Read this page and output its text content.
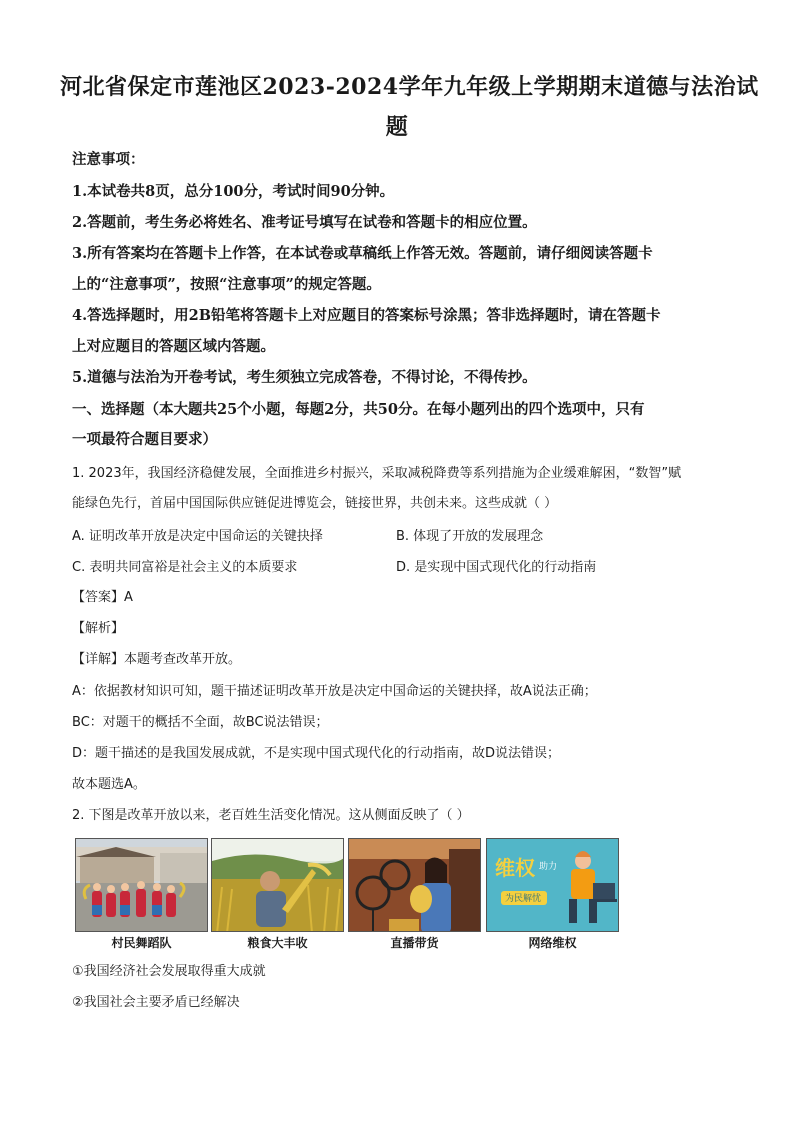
河北省保定市莲池区2023-2024学年九年级上学期期末道德与法治试
题
注意事项：
1.本试卷共8页，总分100分，考试时间90分钟。
2.答题前，考生务必将姓名、准考证号填写在试卷和答题卡的相应位置。
3.所有答案均在答题卡上作答，在本试卷或草稿纸上作答无效。答题前，请仔细阅读答题卡
上的“注意事项”，按照“注意事项”的规定答题。
4.答选择题时，用2B铅笔将答题卡上对应题目的答案标号涂黑；答非选择题时，请在答题卡
上对应题目的答题区域内答题。
5.道德与法治为开卷考试，考生须独立完成答卷，不得讨论，不得传抄。
一、选择题（本大题共25个小题，每题2分，共50分。在每小题列出的四个选项中，只有
一项最符合题目要求）
1. 2023年，我国经济稳健发展，全面推进乡村振兴，采取减税降费等系列措施为企业缓难解困，“数智”赋
能绿色先行，首届中国国际供应链促进博览会，链接世界，共创未来。这些成就（ ）
A. 证明改革开放是决定中国命运的关键抉择	B. 体现了开放的发展理念
C. 表明共同富裕是社会主义的本质要求	D. 是实现中国式现代化的行动指南
【答案】A
【解析】
【详解】本题考查改革开放。
A：依据教材知识可知，题干描述证明改革开放是决定中国命运的关键抉择，故A说法正确；
BC：对题干的概括不全面，故BC说法错误；
D：题干描述的是我国发展成就，不是实现中国式现代化的行动指南，故D说法错误；
故本题选A。
2. 下图是改革开放以来，老百姓生活变化情况。这从侧面反映了（ ）
维权 助力
为民解忧
村民舞蹈队	粮食大丰收	直播带货	网络维权
①我国经济社会发展取得重大成就
②我国社会主要矛盾已经解决
